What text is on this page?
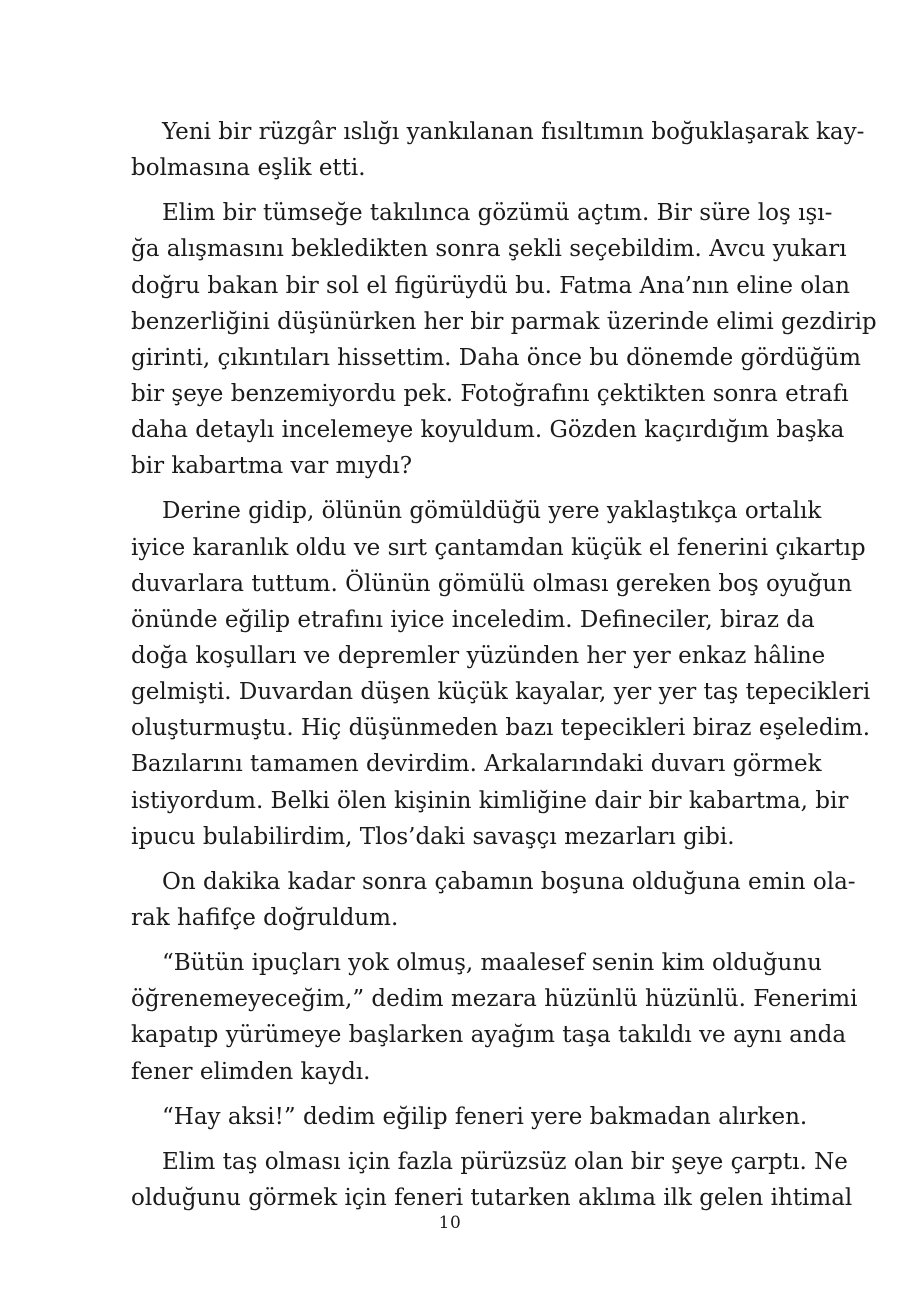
Yeni bir rüzgâr ıslığı yankılanan fısıltımın boğuklaşarak kay-
bolmasına eşlik etti.
Elim bir tümseğe takılınca gözümü açtım. Bir süre loş ışı-
ğa alışmasını bekledikten sonra şekli seçebildim. Avcu yukarı
doğru bakan bir sol el figürüydü bu. Fatma Ana’nın eline olan
benzerliğini düşünürken her bir parmak üzerinde elimi gezdirip
girinti, çıkıntıları hissettim. Daha önce bu dönemde gördüğüm
bir şeye benzemiyordu pek. Fotoğrafını çektikten sonra etrafı
daha detaylı incelemeye koyuldum. Gözden kaçırdığım başka
bir kabartma var mıydı?
Derine gidip, ölünün gömüldüğü yere yaklaştıkça ortalık
iyice karanlık oldu ve sırt çantamdan küçük el fenerini çıkartıp
duvarlara tuttum. Ölünün gömülü olması gereken boş oyuğun
önünde eğilip etrafını iyice inceledim. Defineciler, biraz da
doğa koşulları ve depremler yüzünden her yer enkaz hâline
gelmişti. Duvardan düşen küçük kayalar, yer yer taş tepecikleri
oluşturmuştu. Hiç düşünmeden bazı tepecikleri biraz eşeledim.
Bazılarını tamamen devirdim. Arkalarındaki duvarı görmek
istiyordum. Belki ölen kişinin kimliğine dair bir kabartma, bir
ipucu bulabilirdim, Tlos’daki savaşçı mezarları gibi.
On dakika kadar sonra çabamın boşuna olduğuna emin ola-
rak hafifçe doğruldum.
“Bütün ipuçları yok olmuş, maalesef senin kim olduğunu
öğrenemeyeceğim,” dedim mezara hüzünlü hüzünlü. Fenerimi
kapatıp yürümeye başlarken ayağım taşa takıldı ve aynı anda
fener elimden kaydı.
“Hay aksi!” dedim eğilip feneri yere bakmadan alırken.
Elim taş olması için fazla pürüzsüz olan bir şeye çarptı. Ne
olduğunu görmek için feneri tutarken aklıma ilk gelen ihtimal
10
